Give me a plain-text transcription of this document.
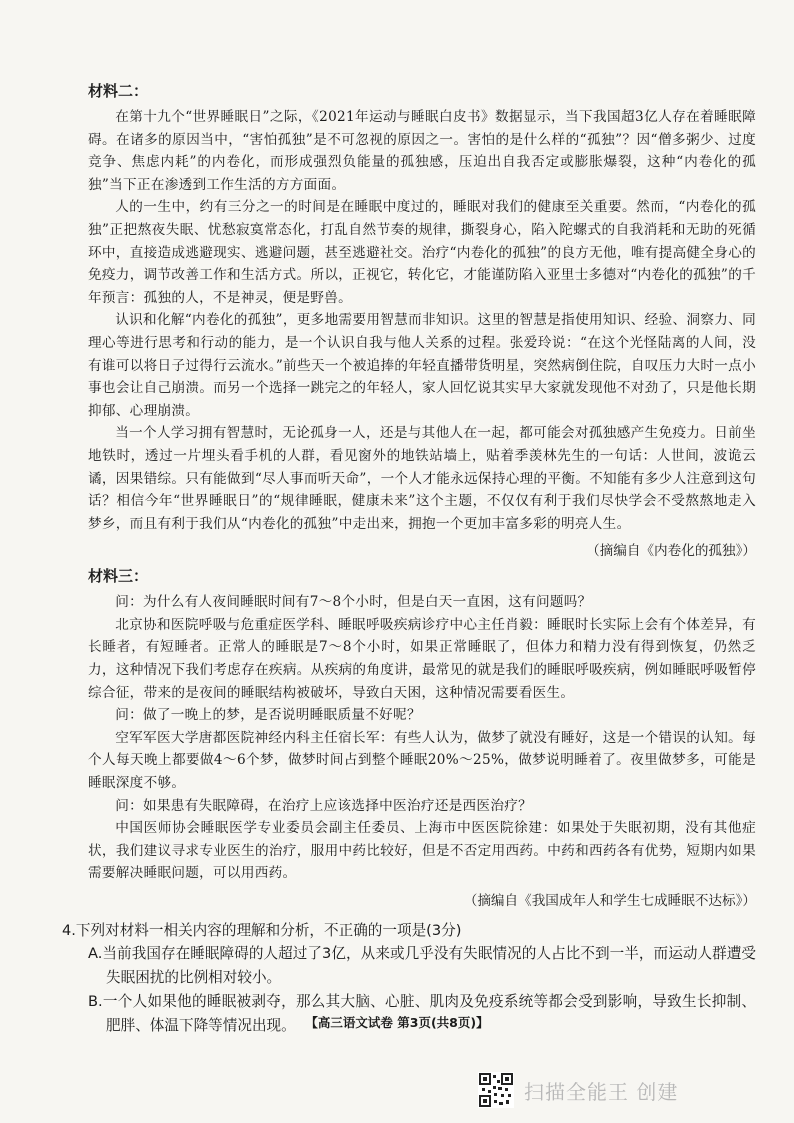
材料二：

在第十九个“世界睡眠日”之际，《2021年运动与睡眠白皮书》数据显示，当下我国超3亿人存在着睡眠障碍。在诸多的原因当中，“害怕孤独”是不可忽视的原因之一。害怕的是什么样的“孤独”？因“僧多粥少、过度竞争、焦虑内耗”的内卷化，而形成强烈负能量的孤独感，压迫出自我否定或膨胀爆裂，这种“内卷化的孤独”当下正在渗透到工作生活的方方面面。

人的一生中，约有三分之一的时间是在睡眠中度过的，睡眠对我们的健康至关重要。然而，“内卷化的孤独”正把熬夜失眠、忧愁寂寞常态化，打乱自然节奏的规律，撕裂身心，陷入陀螺式的自我消耗和无助的死循环中，直接造成逃避现实、逃避问题，甚至逃避社交。治疗“内卷化的孤独”的良方无他，唯有提高健全身心的免疫力，调节改善工作和生活方式。所以，正视它，转化它，才能谨防陷入亚里士多德对“内卷化的孤独”的千年预言：孤独的人，不是神灵，便是野兽。

认识和化解“内卷化的孤独”，更多地需要用智慧而非知识。这里的智慧是指使用知识、经验、洞察力、同理心等进行思考和行动的能力，是一个认识自我与他人关系的过程。张爱玲说：“在这个光怪陆离的人间，没有谁可以将日子过得行云流水。”前些天一个被追捧的年轻直播带货明星，突然病倒住院，自叹压力大时一点小事也会让自己崩溃。而另一个选择一跳完之的年轻人，家人回忆说其实早大家就发现他不对劲了，只是他长期抑郁、心理崩溃。

当一个人学习拥有智慧时，无论孤身一人，还是与其他人在一起，都可能会对孤独感产生免疫力。日前坐地铁时，透过一片埋头看手机的人群，看见窗外的地铁站墙上，贴着季羡林先生的一句话：人世间，波诡云谲，因果错综。只有能做到“尽人事而听天命”，一个人才能永远保持心理的平衡。不知能有多少人注意到这句话？相信今年“世界睡眠日”的“规律睡眠，健康未来”这个主题，不仅仅有利于我们尽快学会不受熬熬地走入梦乡，而且有利于我们从“内卷化的孤独”中走出来，拥抱一个更加丰富多彩的明亮人生。

（摘编自《内卷化的孤独》）

材料三：

问：为什么有人夜间睡眠时间有7～8个小时，但是白天一直困，这有问题吗？

北京协和医院呼吸与危重症医学科、睡眠呼吸疾病诊疗中心主任肖毅：睡眠时长实际上会有个体差异，有长睡者，有短睡者。正常人的睡眠是7～8个小时，如果正常睡眠了，但体力和精力没有得到恢复，仍然乏力，这种情况下我们考虑存在疾病。从疾病的角度讲，最常见的就是我们的睡眠呼吸疾病，例如睡眠呼吸暂停综合征，带来的是夜间的睡眠结构被破坏，导致白天困，这种情况需要看医生。

问：做了一晚上的梦，是否说明睡眠质量不好呢？

空军军医大学唐都医院神经内科主任宿长军：有些人认为，做梦了就没有睡好，这是一个错误的认知。每个人每天晚上都要做4～6个梦，做梦时间占到整个睡眠20%～25%，做梦说明睡着了。夜里做梦多，可能是睡眠深度不够。

问：如果患有失眠障碍，在治疗上应该选择中医治疗还是西医治疗？

中国医师协会睡眠医学专业委员会副主任委员、上海市中医医院徐建：如果处于失眠初期，没有其他症状，我们建议寻求专业医生的治疗，服用中药比较好，但是不否定用西药。中药和西药各有优势，短期内如果需要解决睡眠问题，可以用西药。

（摘编自《我国成年人和学生七成睡眠不达标》）

4.下列对材料一相关内容的理解和分析，不正确的一项是(3分)

A.当前我国存在睡眠障碍的人超过了3亿，从来或几乎没有失眠情况的人占比不到一半，而运动人群遭受失眠困扰的比例相对较小。

B.一个人如果他的睡眠被剥夺，那么其大脑、心脏、肌肉及免疫系统等都会受到影响，导致生长抑制、肥胖、体温下降等情况出现。 【高三语文试卷 第3页(共8页)】
扫描全能王 创建
